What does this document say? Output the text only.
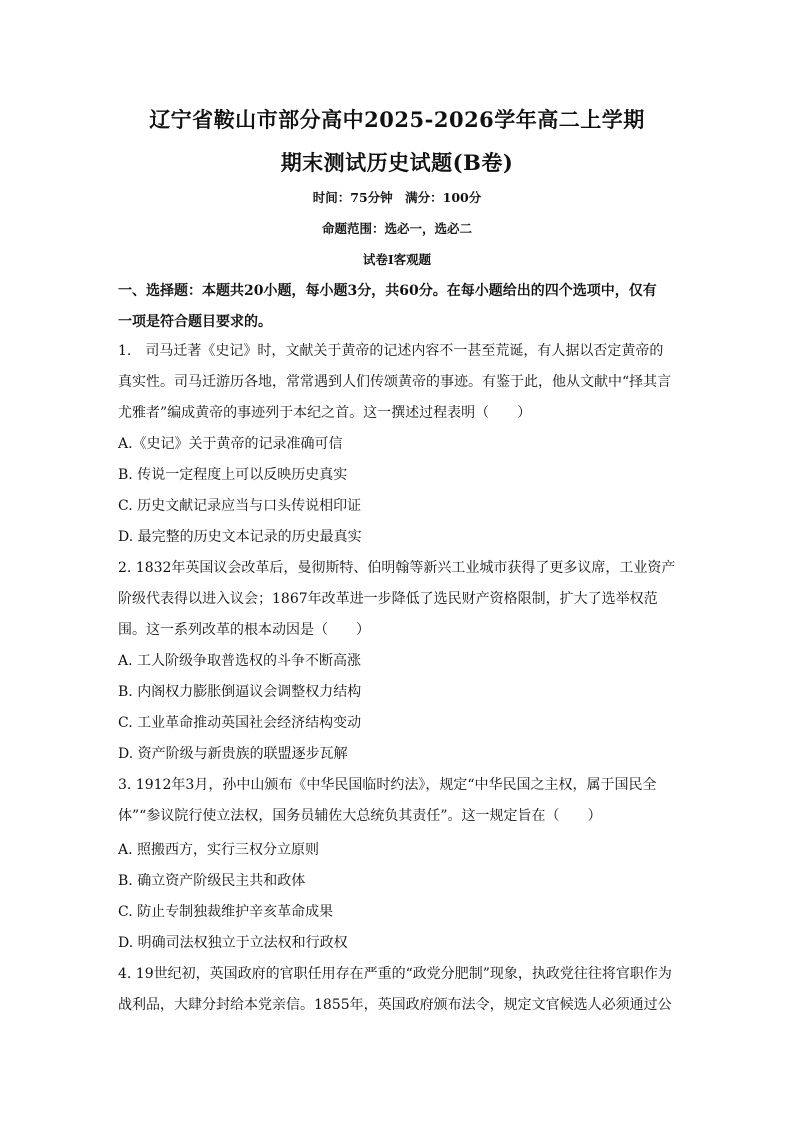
辽宁省鞍山市部分高中2025-2026学年高二上学期
期末测试历史试题(B卷)
时间：75分钟　满分：100分
命题范围：选必一，选必二
试卷Ⅰ客观题
一、选择题：本题共20小题，每小题3分，共60分。在每小题给出的四个选项中，仅有
一项是符合题目要求的。
1.　司马迁著《史记》时，文献关于黄帝的记述内容不一甚至荒诞，有人据以否定黄帝的
真实性。司马迁游历各地，常常遇到人们传颂黄帝的事迹。有鉴于此，他从文献中“择其言
尤雅者”编成黄帝的事迹列于本纪之首。这一撰述过程表明（　　）
A.《史记》关于黄帝的记录准确可信
B. 传说一定程度上可以反映历史真实
C. 历史文献记录应当与口头传说相印证
D. 最完整的历史文本记录的历史最真实
2. 1832年英国议会改革后，曼彻斯特、伯明翰等新兴工业城市获得了更多议席，工业资产
阶级代表得以进入议会；1867年改革进一步降低了选民财产资格限制，扩大了选举权范
围。这一系列改革的根本动因是（　　）
A. 工人阶级争取普选权的斗争不断高涨
B. 内阁权力膨胀倒逼议会调整权力结构
C. 工业革命推动英国社会经济结构变动
D. 资产阶级与新贵族的联盟逐步瓦解
3. 1912年3月，孙中山颁布《中华民国临时约法》，规定“中华民国之主权，属于国民全
体”“参议院行使立法权，国务员辅佐大总统负其责任”。这一规定旨在（　　）
A. 照搬西方，实行三权分立原则
B. 确立资产阶级民主共和政体
C. 防止专制独裁维护辛亥革命成果
D. 明确司法权独立于立法权和行政权
4. 19世纪初，英国政府的官职任用存在严重的“政党分肥制”现象，执政党往往将官职作为
战利品，大肆分封给本党亲信。1855年，英国政府颁布法令，规定文官候选人必须通过公
